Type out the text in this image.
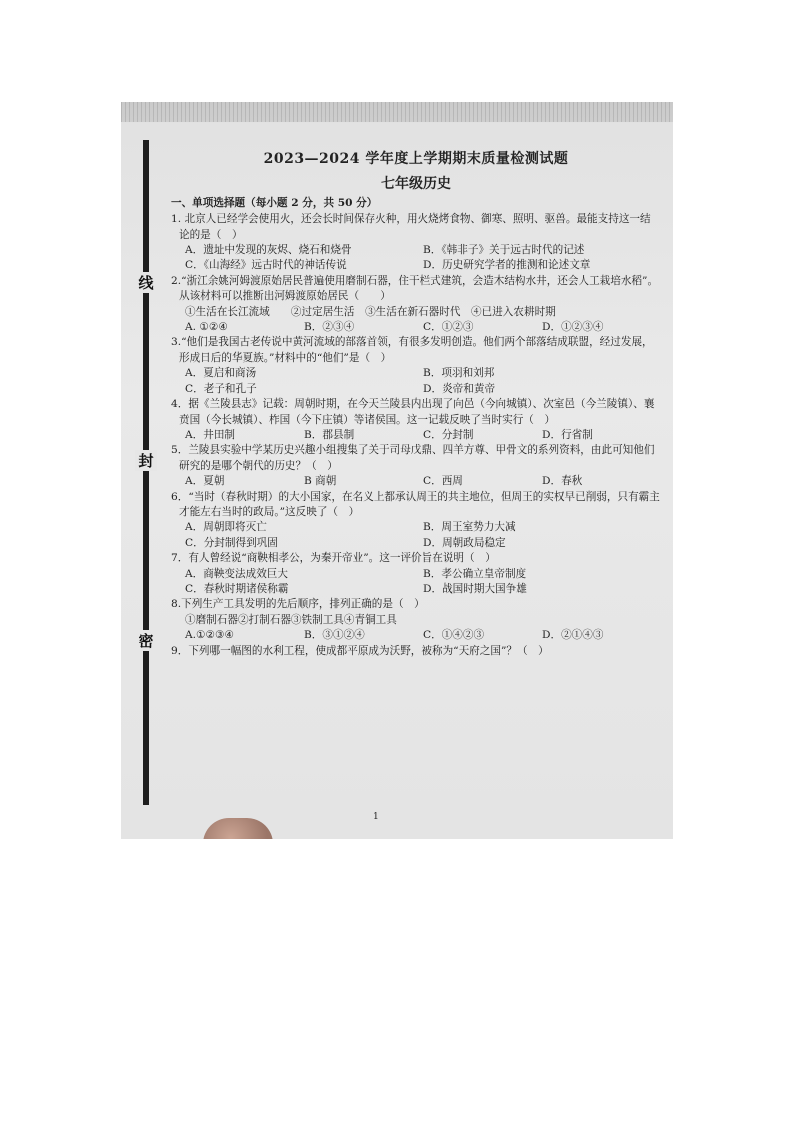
线
封
密
2023—2024 学年度上学期期末质量检测试题
七年级历史
一、单项选择题（每小题 2 分，共 50 分）
1. 北京人已经学会使用火，还会长时间保存火种，用火烧烤食物、御寒、照明、驱兽。最能支持这一结论的是（　）
A．遗址中发现的灰烬、烧石和烧骨	B．《韩非子》关于远古时代的记述
C．《山海经》远古时代的神话传说	D．历史研究学者的推测和论述文章
2.“浙江余姚河姆渡原始居民普遍使用磨制石器，住干栏式建筑，会造木结构水井，还会人工栽培水稻”。从该材料可以推断出河姆渡原始居民（　　）
①生活在长江流域　　②过定居生活　③生活在新石器时代　④已进入农耕时期
A. ①②④	B．②③④	C．①②③	D．①②③④
3.“他们是我国古老传说中黄河流域的部落首领，有很多发明创造。他们两个部落结成联盟，经过发展，形成日后的华夏族。”材料中的“他们”是（　）
A．夏启和商汤	B．项羽和刘邦
C．老子和孔子	D．炎帝和黄帝
4．据《兰陵县志》记载：周朝时期，在今天兰陵县内出现了向邑（今向城镇）、次室邑（今兰陵镇）、襄贲国（今长城镇）、柞国（今下庄镇）等诸侯国。这一记载反映了当时实行（　）
A．井田制	B．郡县制	C．分封制	D．行省制
5．兰陵县实验中学某历史兴趣小组搜集了关于司母戊鼎、四羊方尊、甲骨文的系列资料，由此可知他们研究的是哪个朝代的历史？（　）
A．夏朝	B 商朝	C．西周	D．春秋
6．“当时（春秋时期）的大小国家，在名义上都承认周王的共主地位，但周王的实权早已削弱，只有霸主才能左右当时的政局。”这反映了（　）
A．周朝即将灭亡	B．周王室势力大减
C．分封制得到巩固	D．周朝政局稳定
7．有人曾经说“商鞅相孝公，为秦开帝业”。这一评价旨在说明（　）
A．商鞅变法成效巨大	B．孝公确立皇帝制度
C．春秋时期诸侯称霸	D．战国时期大国争雄
8.下列生产工具发明的先后顺序，排列正确的是（　）
①磨制石器②打制石器③铁制工具④青铜工具
A.①②③④	B．③①②④	C．①④②③	D．②①④③
9．下列哪一幅图的水利工程，使成都平原成为沃野，被称为“天府之国”？（　）
1
